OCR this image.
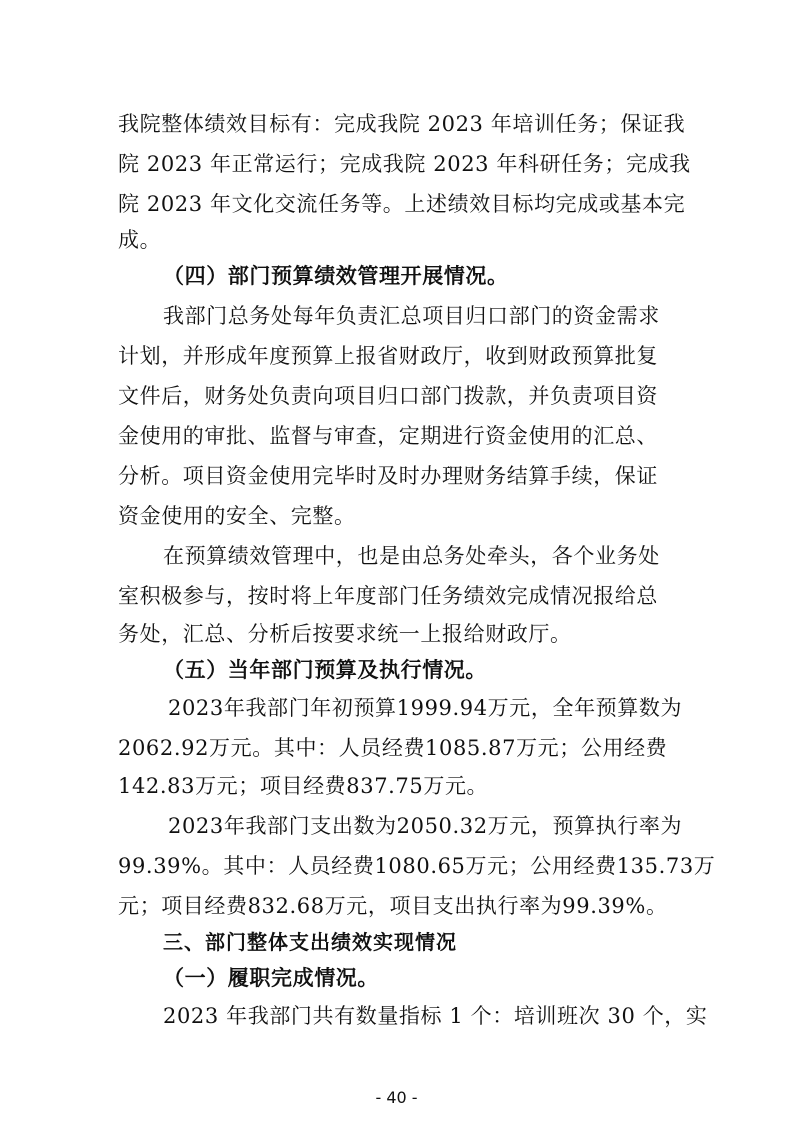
我院整体绩效目标有：完成我院 2023 年培训任务；保证我
院 2023 年正常运行；完成我院 2023 年科研任务；完成我
院 2023 年文化交流任务等。上述绩效目标均完成或基本完
成。
（四）部门预算绩效管理开展情况。
我部门总务处每年负责汇总项目归口部门的资金需求
计划，并形成年度预算上报省财政厅，收到财政预算批复
文件后，财务处负责向项目归口部门拨款，并负责项目资
金使用的审批、监督与审查，定期进行资金使用的汇总、
分析。项目资金使用完毕时及时办理财务结算手续，保证
资金使用的安全、完整。
在预算绩效管理中，也是由总务处牵头，各个业务处
室积极参与，按时将上年度部门任务绩效完成情况报给总
务处，汇总、分析后按要求统一上报给财政厅。
（五）当年部门预算及执行情况。
2023年我部门年初预算1999.94万元，全年预算数为
2062.92万元。其中：人员经费1085.87万元；公用经费
142.83万元；项目经费837.75万元。
2023年我部门支出数为2050.32万元，预算执行率为
99.39%。其中：人员经费1080.65万元；公用经费135.73万
元；项目经费832.68万元，项目支出执行率为99.39%。
三、部门整体支出绩效实现情况
（一）履职完成情况。
2023 年我部门共有数量指标 1 个：培训班次 30 个，实
- 40 -
